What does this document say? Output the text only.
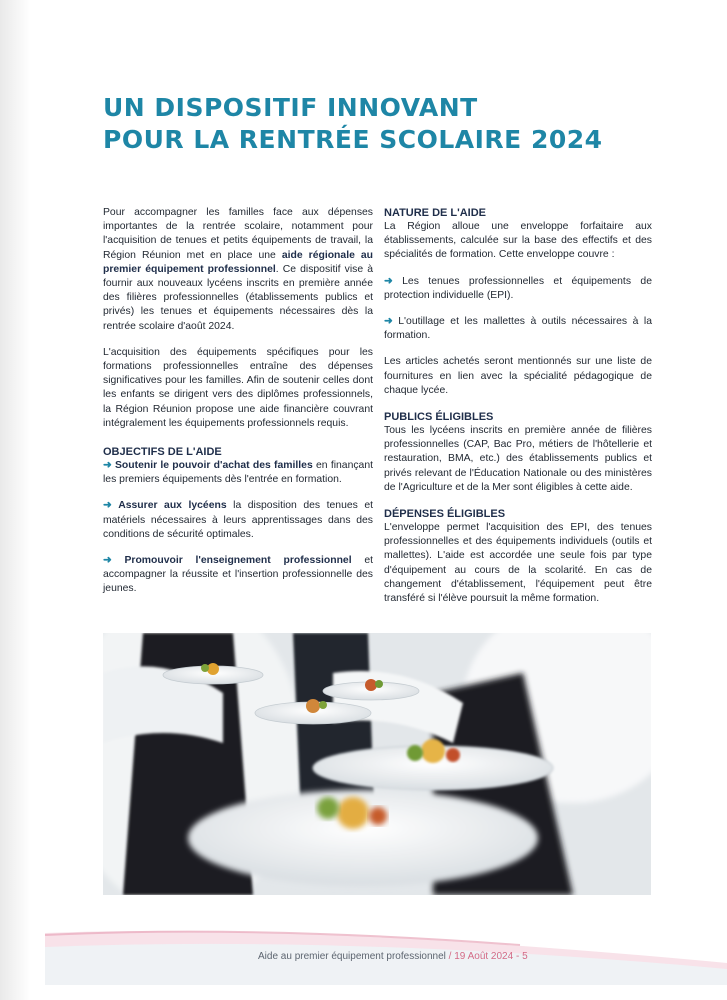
UN DISPOSITIF INNOVANT
POUR LA RENTRÉE SCOLAIRE 2024

Pour accompagner les familles face aux dépenses importantes de la rentrée scolaire, notamment pour l'acquisition de tenues et petits équipements de travail, la Région Réunion met en place une aide régionale au premier équipement professionnel. Ce dispositif vise à fournir aux nouveaux lycéens inscrits en première année des filières professionnelles (établissements publics et privés) les tenues et équipements nécessaires dès la rentrée scolaire d'août 2024.

L'acquisition des équipements spécifiques pour les formations professionnelles entraîne des dépenses significatives pour les familles. Afin de soutenir celles dont les enfants se dirigent vers des diplômes professionnels, la Région Réunion propose une aide financière couvrant intégralement les équipements professionnels requis.

OBJECTIFS DE L'AIDE

➜ Soutenir le pouvoir d'achat des familles en finançant les premiers équipements dès l'entrée en formation.

➜ Assurer aux lycéens la disposition des tenues et matériels nécessaires à leurs apprentissages dans des conditions de sécurité optimales.

➜ Promouvoir l'enseignement professionnel et accompagner la réussite et l'insertion professionnelle des jeunes.

NATURE DE L'AIDE

La Région alloue une enveloppe forfaitaire aux établissements, calculée sur la base des effectifs et des spécialités de formation. Cette enveloppe couvre :

➜ Les tenues professionnelles et équipements de protection individuelle (EPI).

➜ L'outillage et les mallettes à outils nécessaires à la formation.

Les articles achetés seront mentionnés sur une liste de fournitures en lien avec la spécialité pédagogique de chaque lycée.

PUBLICS ÉLIGIBLES

Tous les lycéens inscrits en première année de filières professionnelles (CAP, Bac Pro, métiers de l'hôtellerie et restauration, BMA, etc.) des établissements publics et privés relevant de l'Éducation Nationale ou des ministères de l'Agriculture et de la Mer sont éligibles à cette aide.

DÉPENSES ÉLIGIBLES

L'enveloppe permet l'acquisition des EPI, des tenues professionnelles et des équipements individuels (outils et mallettes). L'aide est accordée une seule fois par type d'équipement au cours de la scolarité. En cas de changement d'établissement, l'équipement peut être transféré si l'élève poursuit la même formation.

Aide au premier équipement professionnel / 19 Août 2024 - 5
